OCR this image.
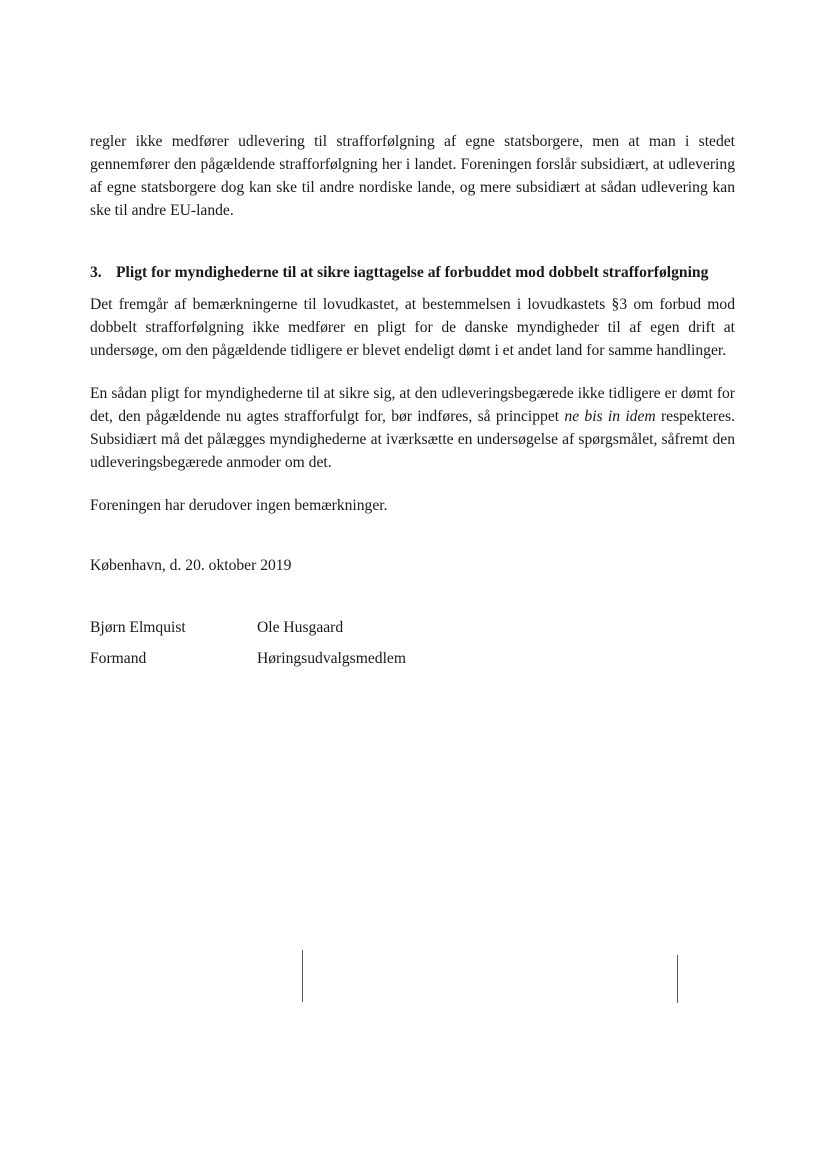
regler ikke medfører udlevering til strafforfølgning af egne statsborgere, men at man i stedet gennemfører den pågældende strafforfølgning her i landet. Foreningen forslår subsidiært, at udlevering af egne statsborgere dog kan ske til andre nordiske lande, og mere subsidiært at sådan udlevering kan ske til andre EU-lande.

3. Pligt for myndighederne til at sikre iagttagelse af forbuddet mod dobbelt strafforfølgning

Det fremgår af bemærkningerne til lovudkastet, at bestemmelsen i lovudkastets §3 om forbud mod dobbelt strafforfølgning ikke medfører en pligt for de danske myndigheder til af egen drift at undersøge, om den pågældende tidligere er blevet endeligt dømt i et andet land for samme handlinger.

En sådan pligt for myndighederne til at sikre sig, at den udleveringsbegærede ikke tidligere er dømt for det, den pågældende nu agtes strafforfulgt for, bør indføres, så princippet ne bis in idem respekteres. Subsidiært må det pålægges myndighederne at iværksætte en undersøgelse af spørgsmålet, såfremt den udleveringsbegærede anmoder om det.

Foreningen har derudover ingen bemærkninger.

København, d. 20. oktober 2019

Bjørn Elmquist	Ole Husgaard

Formand	Høringsudvalgsmedlem
